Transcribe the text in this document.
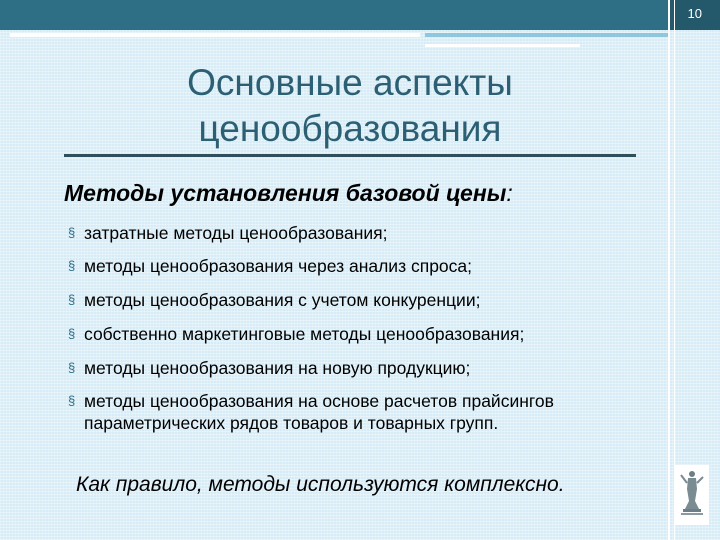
10
Основные аспекты
ценообразования
Методы установления базовой цены:
§ затратные методы ценообразования;
§ методы ценообразования через анализ спроса;
§ методы ценообразования с учетом конкуренции;
§ собственно маркетинговые методы ценообразования;
§ методы ценообразования на новую продукцию;
§ методы ценообразования на основе расчетов прайсингов параметрических рядов товаров и товарных групп.
Как правило, методы используются комплексно.
